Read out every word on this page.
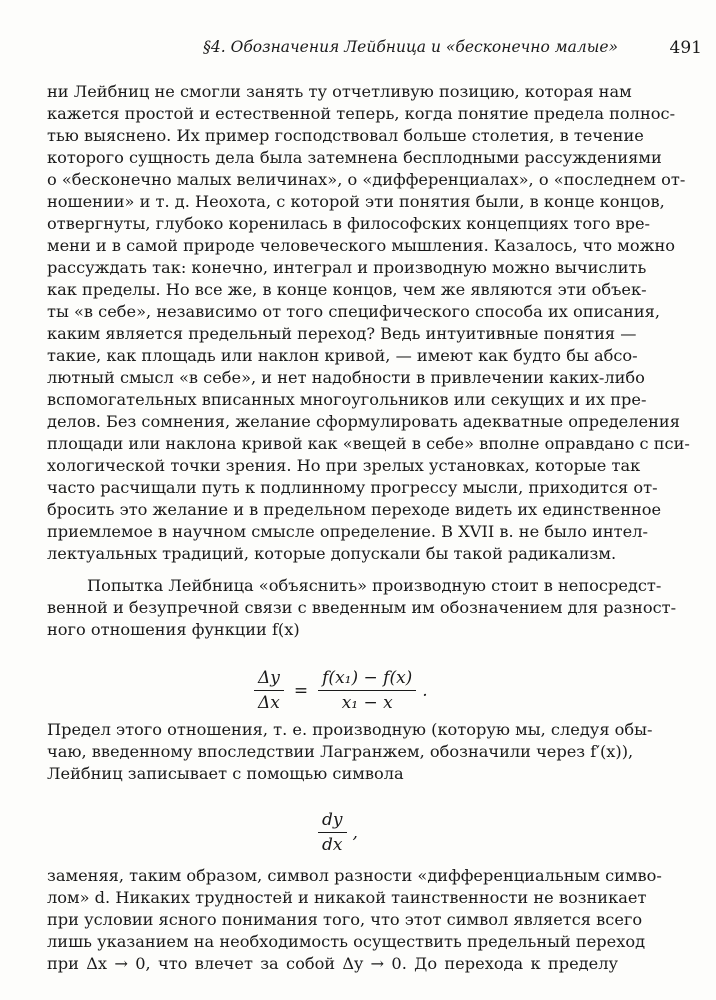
§4. Обозначения Лейбница и «бесконечно малые»	491
ни Лейбниц не смогли занять ту отчетливую позицию, которая нам
кажется простой и естественной теперь, когда понятие предела полнос-
тью выяснено. Их пример господствовал больше столетия, в течение
которого сущность дела была затемнена бесплодными рассуждениями
о «бесконечно малых величинах», о «дифференциалах», о «последнем от-
ношении» и т. д. Неохота, с которой эти понятия были, в конце концов,
отвергнуты, глубоко коренилась в философских концепциях того вре-
мени и в самой природе человеческого мышления. Казалось, что можно
рассуждать так: конечно, интеграл и производную можно вычислить
как пределы. Но все же, в конце концов, чем же являются эти объек-
ты «в себе», независимо от того специфического способа их описания,
каким является предельный переход? Ведь интуитивные понятия —
такие, как площадь или наклон кривой, — имеют как будто бы абсо-
лютный смысл «в себе», и нет надобности в привлечении каких-либо
вспомогательных вписанных многоугольников или секущих и их пре-
делов. Без сомнения, желание сформулировать адекватные определения
площади или наклона кривой как «вещей в себе» вполне оправдано с пси-
хологической точки зрения. Но при зрелых установках, которые так
часто расчищали путь к подлинному прогрессу мысли, приходится от-
бросить это желание и в предельном переходе видеть их единственное
приемлемое в научном смысле определение. В XVII в. не было интел-
лектуальных традиций, которые допускали бы такой радикализм.
Попытка Лейбница «объяснить» производную стоит в непосредст-
венной и безупречной связи с введенным им обозначением для разност-
ного отношения функции f(x)
$\frac{\Delta y}{\Delta x} = \frac{\text{f(x₁) − f(x)}}{\text{x₁ − x}}$ .
Предел этого отношения, т. е. производную (которую мы, следуя обы-
чаю, введенному впоследствии Лагранжем, обозначили через f′(x)),
Лейбниц записывает с помощью символа
$\frac{dy}{dx}$ ,
заменяя, таким образом, символ разности «дифференциальным симво-
лом» d. Никаких трудностей и никакой таинственности не возникает
при условии ясного понимания того, что этот символ является всего
лишь указанием на необходимость осуществить предельный переход
при Δx → 0, что влечет за собой Δy → 0. До перехода к пределу
